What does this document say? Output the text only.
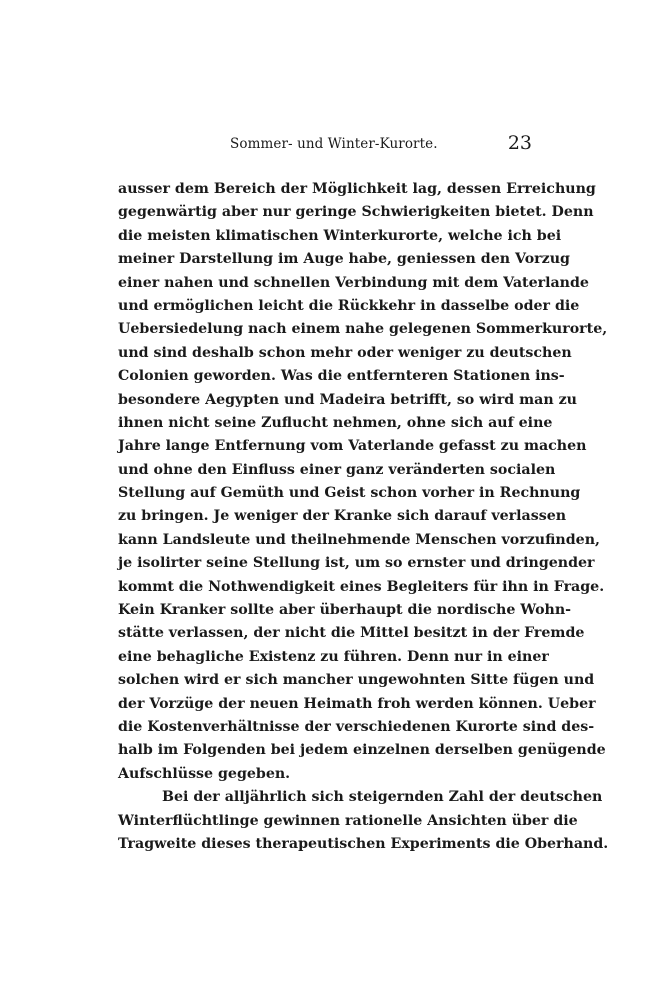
Sommer- und Winter-Kurorte.	23
ausser dem Bereich der Möglichkeit lag, dessen Erreichung
gegenwärtig aber nur geringe Schwierigkeiten bietet. Denn
die meisten klimatischen Winterkurorte, welche ich bei
meiner Darstellung im Auge habe, geniessen den Vorzug
einer nahen und schnellen Verbindung mit dem Vaterlande
und ermöglichen leicht die Rückkehr in dasselbe oder die
Uebersiedelung nach einem nahe gelegenen Sommerkurorte,
und sind deshalb schon mehr oder weniger zu deutschen
Colonien geworden. Was die entfernteren Stationen ins-
besondere Aegypten und Madeira betrifft, so wird man zu
ihnen nicht seine Zuflucht nehmen, ohne sich auf eine
Jahre lange Entfernung vom Vaterlande gefasst zu machen
und ohne den Einfluss einer ganz veränderten socialen
Stellung auf Gemüth und Geist schon vorher in Rechnung
zu bringen. Je weniger der Kranke sich darauf verlassen
kann Landsleute und theilnehmende Menschen vorzufinden,
je isolirter seine Stellung ist, um so ernster und dringender
kommt die Nothwendigkeit eines Begleiters für ihn in Frage.
Kein Kranker sollte aber überhaupt die nordische Wohn-
stätte verlassen, der nicht die Mittel besitzt in der Fremde
eine behagliche Existenz zu führen. Denn nur in einer
solchen wird er sich mancher ungewohnten Sitte fügen und
der Vorzüge der neuen Heimath froh werden können. Ueber
die Kostenverhältnisse der verschiedenen Kurorte sind des-
halb im Folgenden bei jedem einzelnen derselben genügende
Aufschlüsse gegeben.
Bei der alljährlich sich steigernden Zahl der deutschen
Winterflüchtlinge gewinnen rationelle Ansichten über die
Tragweite dieses therapeutischen Experiments die Oberhand.
